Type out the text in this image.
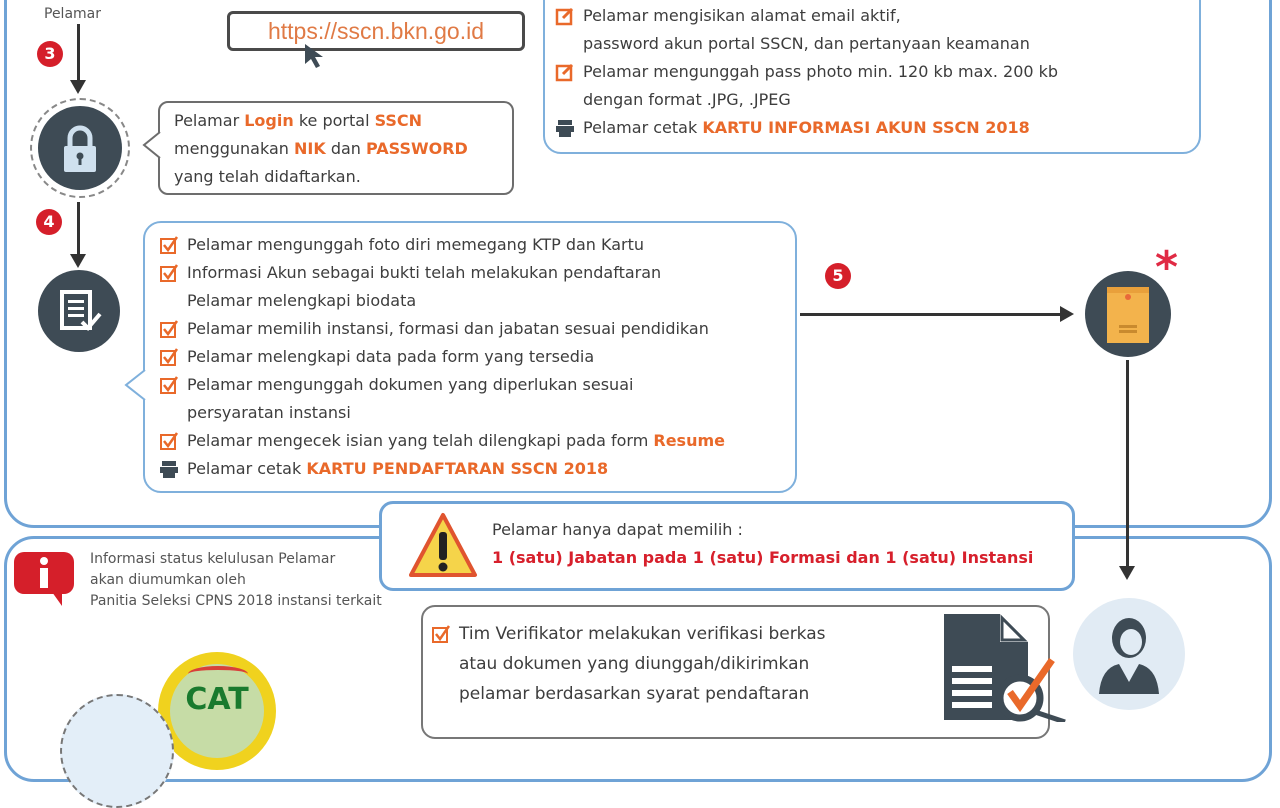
Pelamar
3
https://sscn.bkn.go.id
Pelamar Login ke portal SSCN
menggunakan NIK dan PASSWORD
yang telah didaftarkan.
Pelamar mengisikan alamat email aktif,
password akun portal SSCN, dan pertanyaan keamanan
Pelamar mengunggah pass photo min. 120 kb max. 200 kb
dengan format .JPG, .JPEG
Pelamar cetak
KARTU INFORMASI AKUN SSCN 2018
4
Pelamar mengunggah foto diri memegang KTP dan Kartu
Informasi Akun sebagai bukti telah melakukan pendaftaran
Pelamar melengkapi biodata
Pelamar memilih instansi, formasi dan jabatan sesuai pendidikan
Pelamar melengkapi data pada form yang tersedia
Pelamar mengunggah dokumen yang diperlukan sesuai
persyaratan instansi
Pelamar mengecek isian yang telah dilengkapi pada form
Resume
Pelamar cetak
KARTU PENDAFTARAN SSCN 2018
5	*
Pelamar hanya dapat memilih :
1 (satu) Jabatan pada 1 (satu) Formasi dan 1 (satu) Instansi
Informasi status kelulusan Pelamar
akan diumumkan oleh
Panitia Seleksi CPNS 2018 instansi terkait
CAT
Tim Verifikator melakukan verifikasi berkas
atau dokumen yang diunggah/dikirimkan
pelamar berdasarkan syarat pendaftaran
